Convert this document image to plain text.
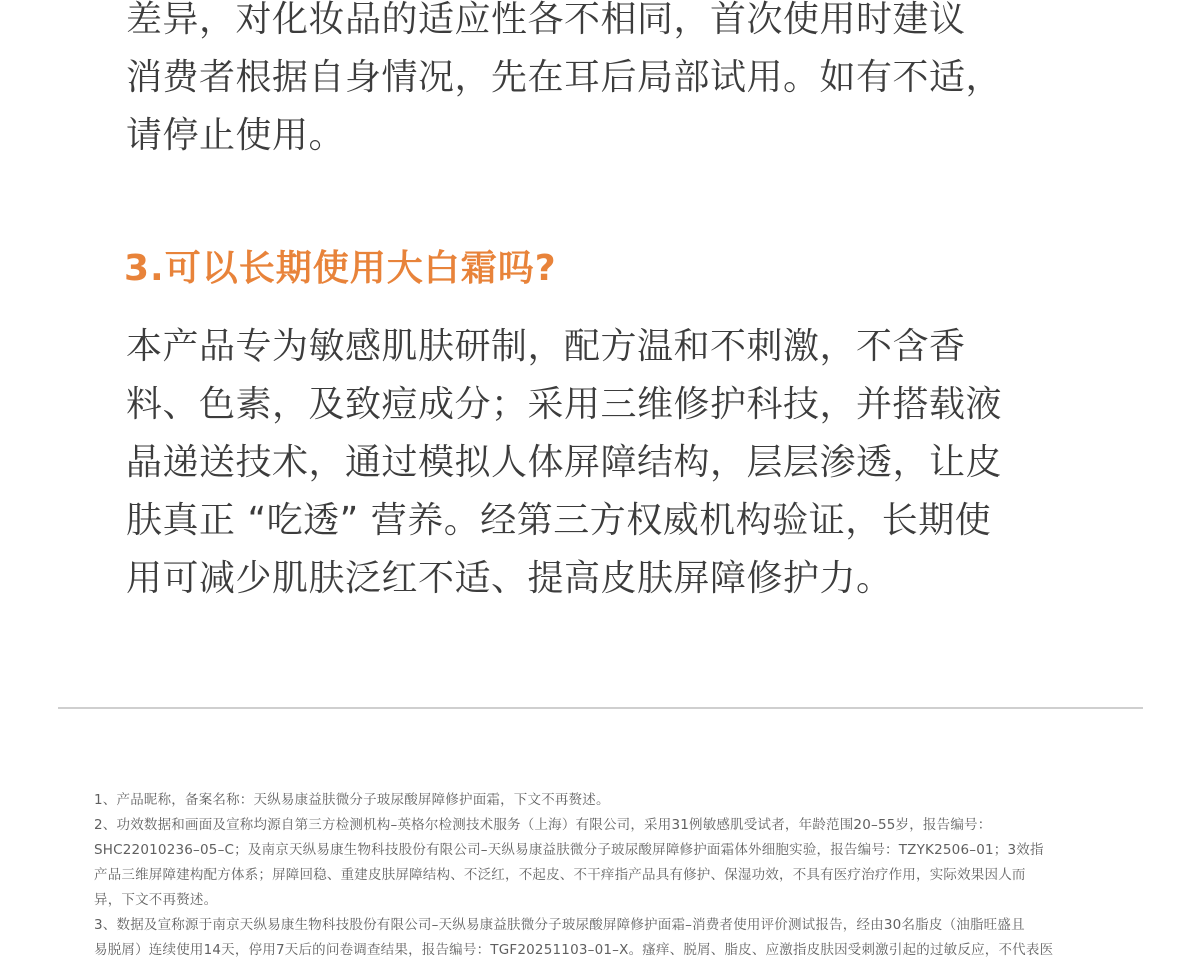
差异，对化妆品的适应性各不相同，首次使用时建议
消费者根据自身情况，先在耳后局部试用。如有不适，
请停止使用。

3.可以长期使用大白霜吗?

本产品专为敏感肌肤研制，配方温和不刺激，不含香
料、色素，及致痘成分；采用三维修护科技，并搭载液
晶递送技术，通过模拟人体屏障结构，层层渗透，让皮
肤真正 “吃透” 营养。经第三方权威机构验证，长期使
用可减少肌肤泛红不适、提高皮肤屏障修护力。

1、产品昵称，备案名称：天纵易康益肤微分子玻尿酸屏障修护面霜，下文不再赘述。
2、功效数据和画面及宣称均源自第三方检测机构–英格尔检测技术服务（上海）有限公司，采用31例敏感肌受试者，年龄范围20–55岁，报告编号：
SHC22010236–05–C；及南京天纵易康生物科技股份有限公司–天纵易康益肤微分子玻尿酸屏障修护面霜体外细胞实验，报告编号：TZYK2506–01；3效指
产品三维屏障建构配方体系；屏障回稳、重建皮肤屏障结构、不泛红，不起皮、不干痒指产品具有修护、保湿功效，不具有医疗治疗作用，实际效果因人而
异，下文不再赘述。
3、数据及宣称源于南京天纵易康生物科技股份有限公司–天纵易康益肤微分子玻尿酸屏障修护面霜–消费者使用评价测试报告，经由30名脂皮（油脂旺盛且
易脱屑）连续使用14天，停用7天后的问卷调查结果，报告编号：TGF20251103–01–X。瘙痒、脱屑、脂皮、应激指皮肤因受刺激引起的过敏反应，不代表医
